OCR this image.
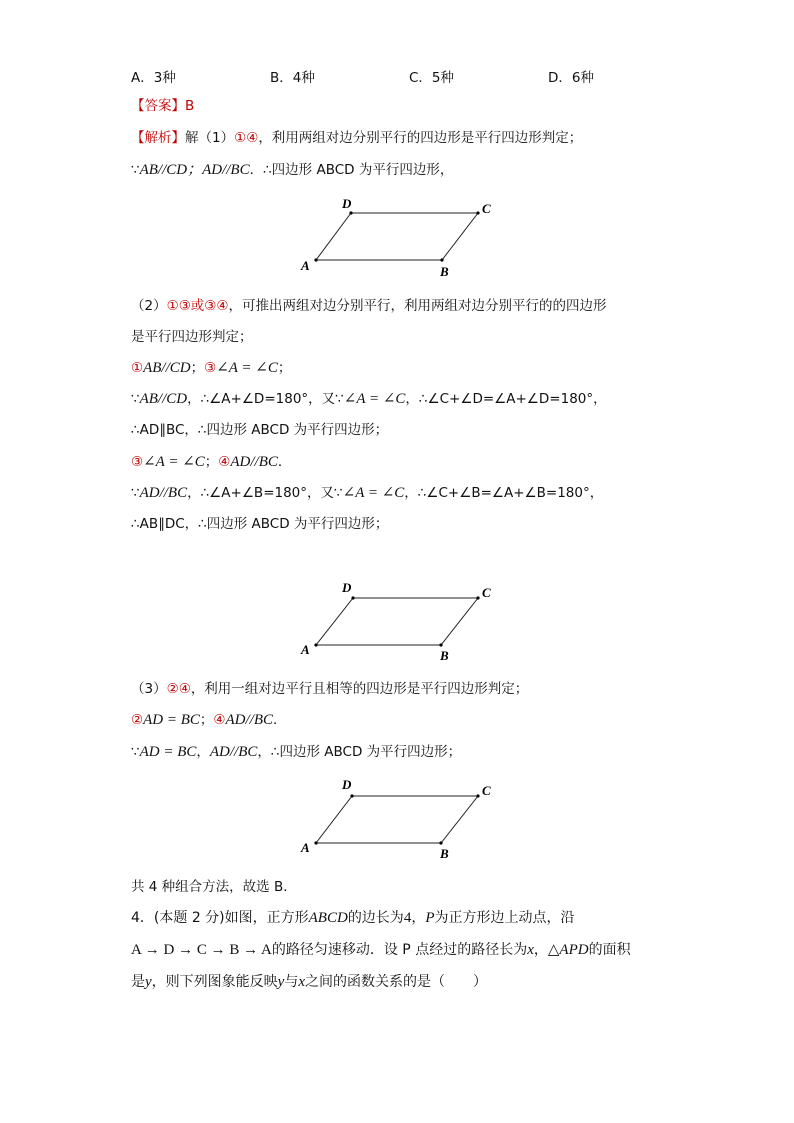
A．3种	B．4种	C．5种	D．6种
【答案】B
【解析】解（1）①④，利用两组对边分别平行的四边形是平行四边形判定；
∵AB//CD；AD//BC．∴四边形 ABCD 为平行四边形，
D	C
A	B
（2）①③或③④，可推出两组对边分别平行，利用两组对边分别平行的的四边形
是平行四边形判定；
①AB//CD；③∠A = ∠C；
∵AB//CD，∴∠A+∠D=180°，又∵∠A = ∠C，∴∠C+∠D=∠A+∠D=180°，
∴AD∥BC，∴四边形 ABCD 为平行四边形；
③∠A = ∠C；④AD//BC．
∵AD//BC，∴∠A+∠B=180°，又∵∠A = ∠C，∴∠C+∠B=∠A+∠B=180°，
∴AB∥DC，∴四边形 ABCD 为平行四边形；
D	C
A	B
（3）②④，利用一组对边平行且相等的四边形是平行四边形判定；
②AD = BC；④AD//BC．
∵AD = BC，AD//BC，∴四边形 ABCD 为平行四边形；
D	C
A	B
共 4 种组合方法，故选 B．
4．(本题 2 分)如图，正方形ABCD的边长为4，P为正方形边上动点，沿
A → D → C → B → A的路径匀速移动．设 P 点经过的路径长为x，△APD的面积
是y，则下列图象能反映y与x之间的函数关系的是（　　）
